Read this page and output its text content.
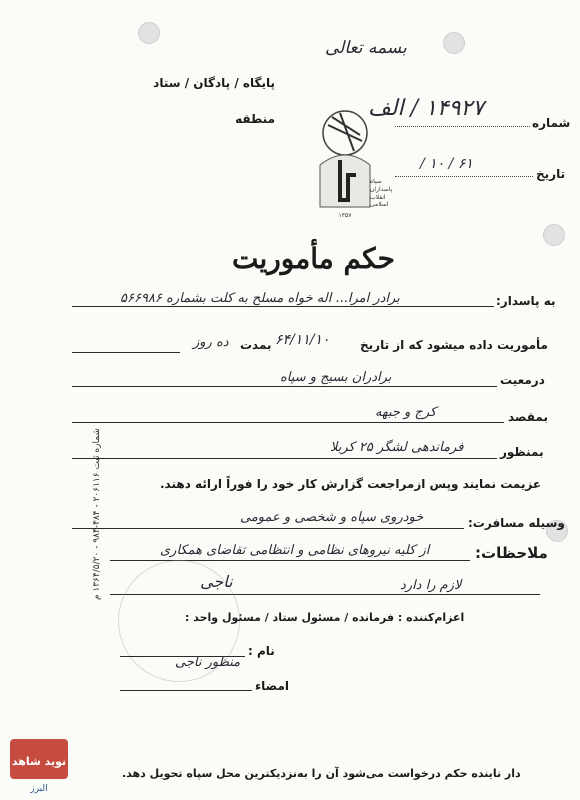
بسمه تعالی
پایگاه / پادگان / ستاد
منطقه	شماره
۱۴۹۲۷ / الف
تاریخ
۶۱ / ۱۰ /
سپاه
پاسداران
انقلاب
اسلامی
۱۳۵۷
حکم مأموریت
به پاسدار:
برادر امرا... اله خواه مسلح به کلت بشماره ۵۶۶۹۸۶
مأموریت داده میشود که از تاریخ
۶۴/۱۱/۱۰
بمدت
ده روز
درمعیت
برادران بسیج و سپاه
بمقصد
کرج و جبهه
بمنظور
فرماندهی لشگر ۲۵ کربلا
عزیمت نمایند وپس ازمراجعت گزارش کار خود را فوراً ارائه دهند.
وسیله مسافرت:
خودروی سپاه و شخصی و عمومی
ملاحظات:
از کلیه نیروهای نظامی و انتظامی تقاضای همکاری
لازم را دارد
اعزام‌کننده : فرمانده / مسئول ستاد / مسئول واحد :
ناجی
نام :
منظور ناجی
امضاء
شماره ثبت ۲۰۶۱۱۶ - ۴۸۴-۹۸۴ - ۱۳۶۴/۵/۲۰ م
دار ناینده حکم درخواست می‌شود آن را به‌نزدیکترین محل سپاه تحویل دهد.
نوید شاهد
البرز
